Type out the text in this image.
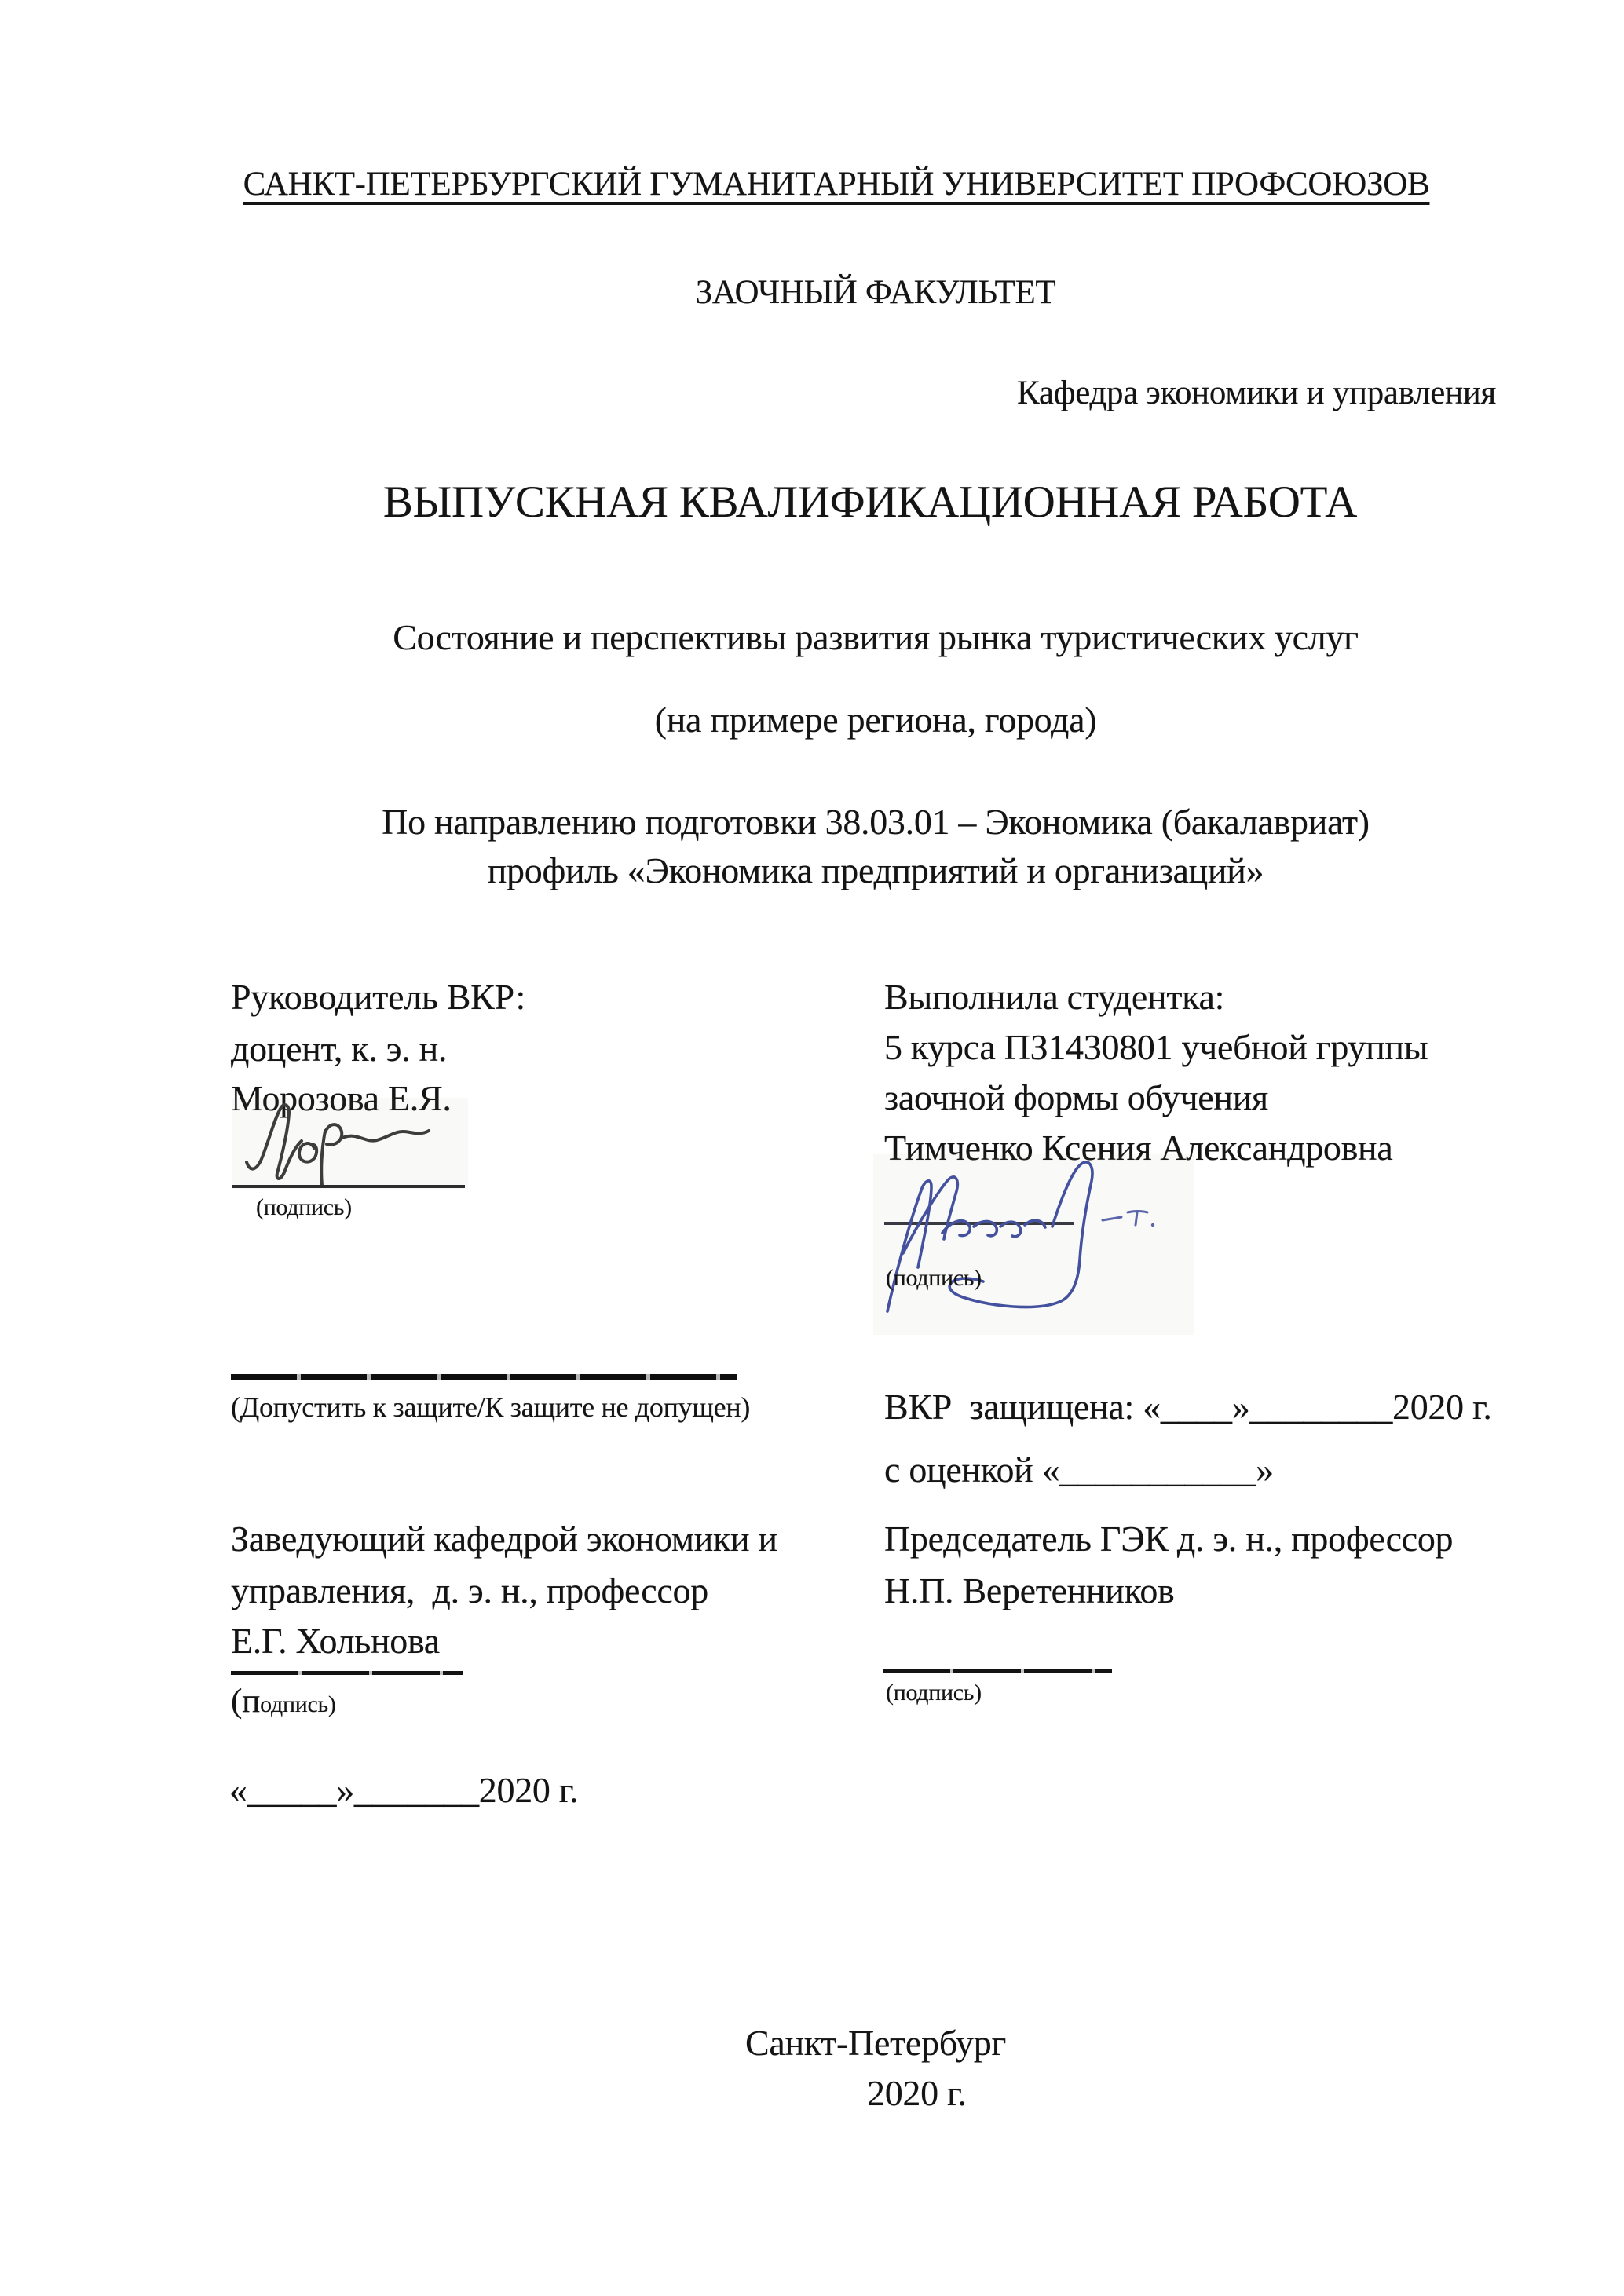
САНКТ-ПЕТЕРБУРГСКИЙ ГУМАНИТАРНЫЙ УНИВЕРСИТЕТ ПРОФСОЮЗОВ
ЗАОЧНЫЙ ФАКУЛЬТЕТ
Кафедра экономики и управления
ВЫПУСКНАЯ КВАЛИФИКАЦИОННАЯ РАБОТА
Состояние и перспективы развития рынка туристических услуг
(на примере региона, города)
По направлению подготовки 38.03.01 – Экономика (бакалавриат)
профиль «Экономика предприятий и организаций»
Руководитель ВКР:
доцент, к. э. н.
Морозова Е.Я.
(подпись)
Выполнила студентка:
5 курса ПЗ1430801 учебной группы
заочной формы обучения
Тимченко Ксения Александровна
(подпись)
(Допустить к защите/К защите не допущен)	ВКР  защищена: «____»________2020 г.
с оценкой «___________»
Заведующий кафедрой экономики и
управления,  д. э. н., профессор
Е.Г. Хольнова
(подпись)
«_____»_______2020 г.
Председатель ГЭК д. э. н., профессор
Н.П. Веретенников
(подпись)
Санкт-Петербург
2020 г.
